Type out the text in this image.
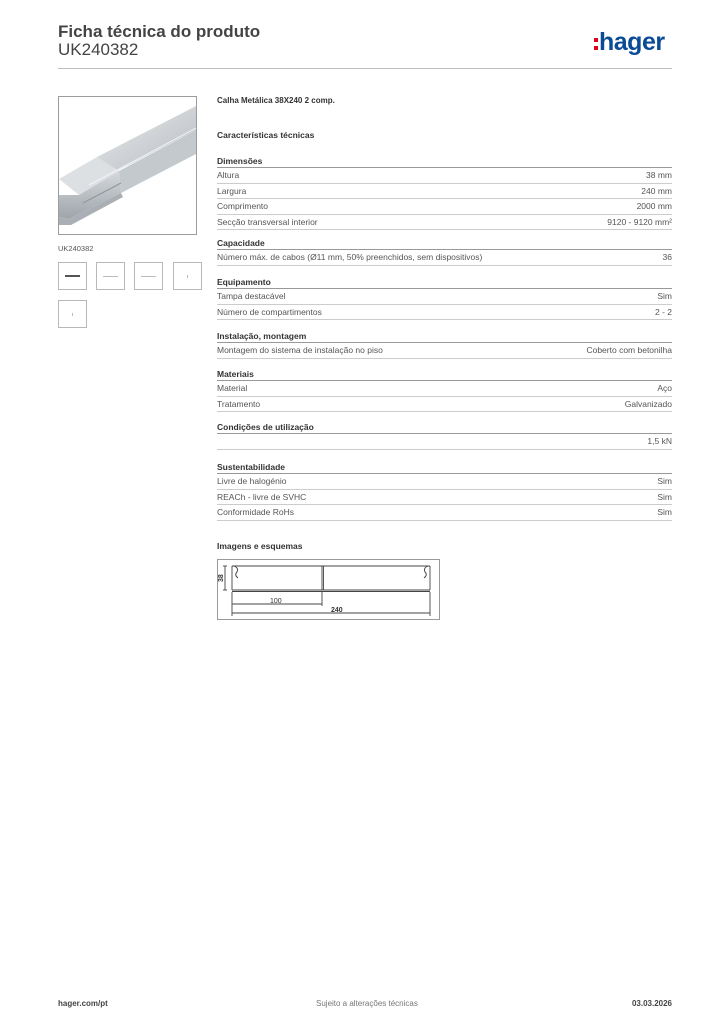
Ficha técnica do produto
UK240382	hager
UK240382
Calha Metálica 38X240 2 comp.
Características técnicas
Dimensões
Altura	38 mm
Largura	240 mm
Comprimento	2000 mm
Secção transversal interior	9120 - 9120 mm²
Capacidade
Número máx. de cabos (Ø11 mm, 50% preenchidos, sem dispositivos)	36
Equipamento
Tampa destacável	Sim
Número de compartimentos	2 - 2
Instalação, montagem
Montagem do sistema de instalação no piso	Coberto com betonilha
Materiais
Material	Aço
Tratamento	Galvanizado
Condições de utilização
1,5 kN
Sustentabilidade
Livre de halogénio	Sim
REACh - livre de SVHC	Sim
Conformidade RoHs	Sim
Imagens e esquemas
38
100
240
hager.com/pt	Sujeito a alterações técnicas	03.03.2026
